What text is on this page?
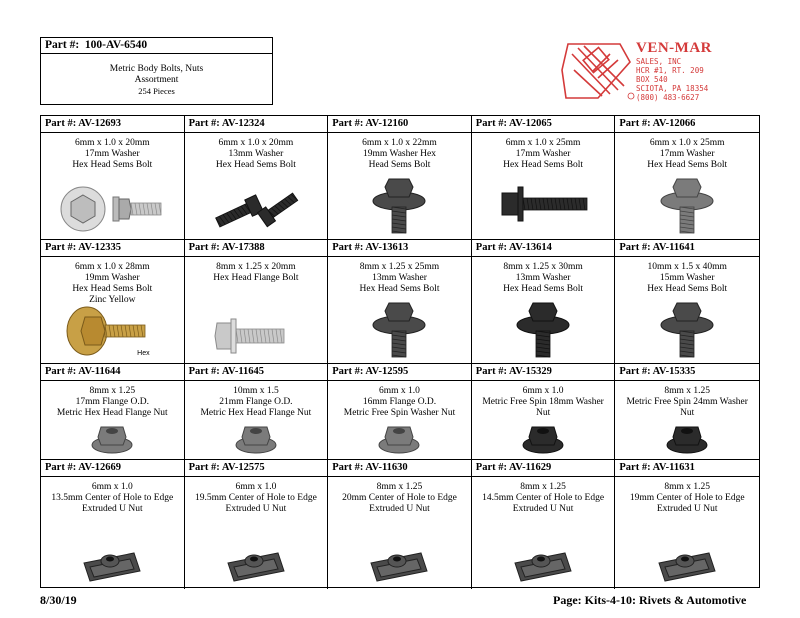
Part #: 100-AV-6540
Metric Body Bolts, Nuts
Assortment
254 Pieces
VEN-MAR
SALES, INC
HCR #1, RT. 209
BOX 540
SCIOTA, PA 18354
(800) 483-6627
Part #: AV-12693
6mm x 1.0 x 20mm
17mm Washer
Hex Head Sems Bolt
Part #: AV-12324
6mm x 1.0 x 20mm
13mm Washer
Hex Head Sems Bolt
Part #: AV-12160
6mm x 1.0 x 22mm
19mm Washer Hex
Head Sems Bolt
Part #: AV-12065
6mm x 1.0 x 25mm
17mm Washer
Hex Head Sems Bolt
Part #: AV-12066
6mm x 1.0 x 25mm
17mm Washer
Hex Head Sems Bolt
Part #: AV-12335
6mm x 1.0 x 28mm
19mm Washer
Hex Head Sems Bolt
Zinc Yellow
Hex
Part #: AV-17388
8mm x 1.25 x 20mm
Hex Head Flange Bolt
Part #: AV-13613
8mm x 1.25 x 25mm
13mm Washer
Hex Head Sems Bolt
Part #: AV-13614
8mm x 1.25 x 30mm
13mm Washer
Hex Head Sems Bolt
Part #: AV-11641
10mm x 1.5 x 40mm
15mm Washer
Hex Head Sems Bolt
Part #: AV-11644
8mm x 1.25
17mm Flange O.D.
Metric Hex Head Flange Nut
Part #: AV-11645
10mm x 1.5
21mm Flange O.D.
Metric Hex Head Flange Nut
Part #: AV-12595
6mm x 1.0
16mm Flange O.D.
Metric Free Spin Washer Nut
Part #: AV-15329
6mm x 1.0
Metric Free Spin 18mm Washer
Nut
Part #: AV-15335
8mm x 1.25
Metric Free Spin 24mm Washer
Nut
Part #: AV-12669
6mm x 1.0
13.5mm Center of Hole to Edge
Extruded U Nut
Part #: AV-12575
6mm x 1.0
19.5mm Center of Hole to Edge
Extruded U Nut
Part #: AV-11630
8mm x 1.25
20mm Center of Hole to Edge
Extruded U Nut
Part #: AV-11629
8mm x 1.25
14.5mm Center of Hole to Edge
Extruded U Nut
Part #: AV-11631
8mm x 1.25
19mm Center of Hole to Edge
Extruded U Nut
8/30/19	Page: Kits-4-10: Rivets & Automotive
